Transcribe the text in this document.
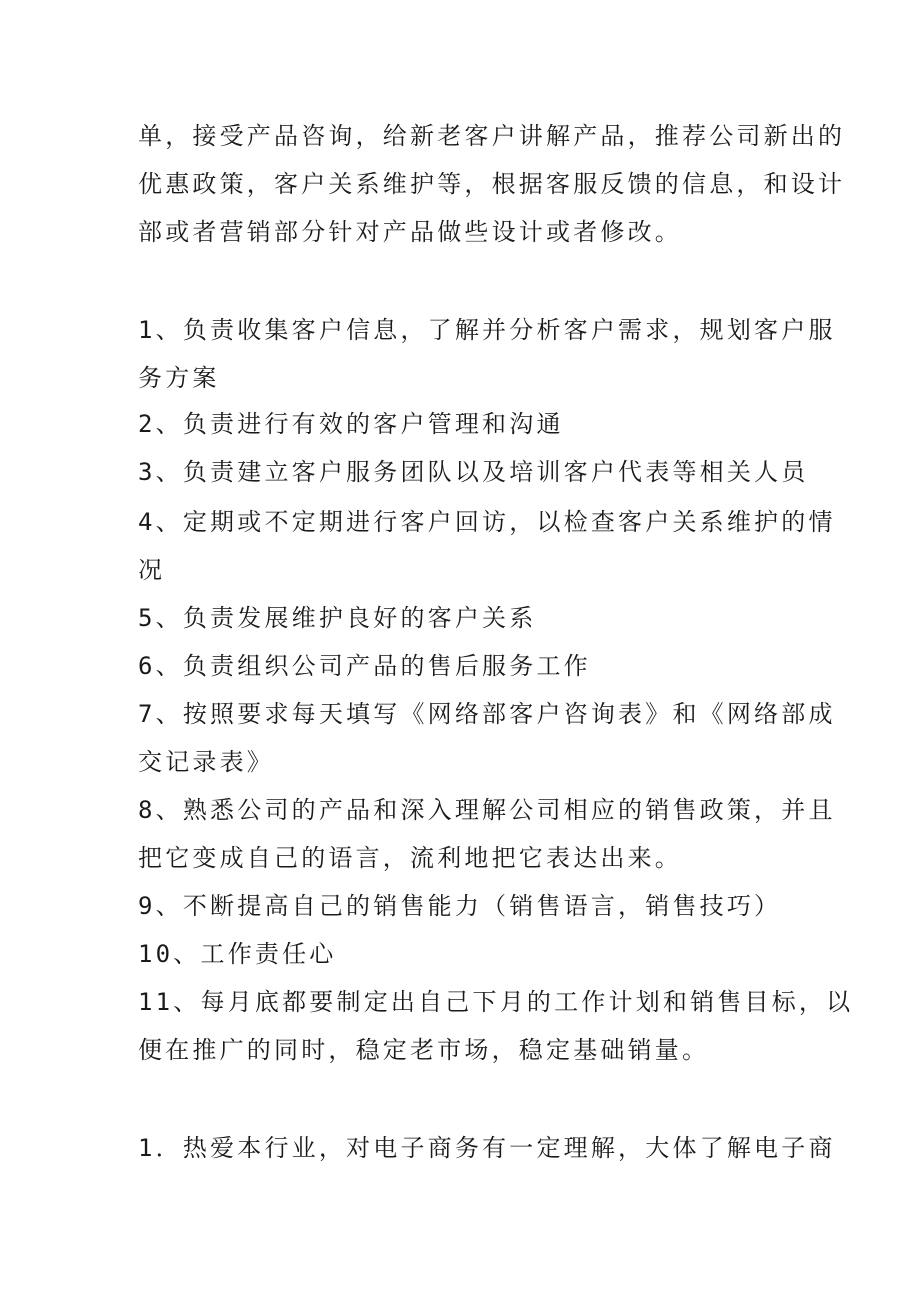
单，接受产品咨询，给新老客户讲解产品，推荐公司新出的
优惠政策，客户关系维护等，根据客服反馈的信息，和设计
部或者营销部分针对产品做些设计或者修改。
1、负责收集客户信息，了解并分析客户需求，规划客户服
务方案
2、负责进行有效的客户管理和沟通
3、负责建立客户服务团队以及培训客户代表等相关人员
4、定期或不定期进行客户回访，以检查客户关系维护的情
况
5、负责发展维护良好的客户关系
6、负责组织公司产品的售后服务工作
7、按照要求每天填写《网络部客户咨询表》和《网络部成
交记录表》
8、熟悉公司的产品和深入理解公司相应的销售政策，并且
把它变成自己的语言，流利地把它表达出来。
9、不断提高自己的销售能力（销售语言，销售技巧）
10、工作责任心
11、每月底都要制定出自己下月的工作计划和销售目标，以
便在推广的同时，稳定老市场，稳定基础销量。
1．热爱本行业，对电子商务有一定理解，大体了解电子商
